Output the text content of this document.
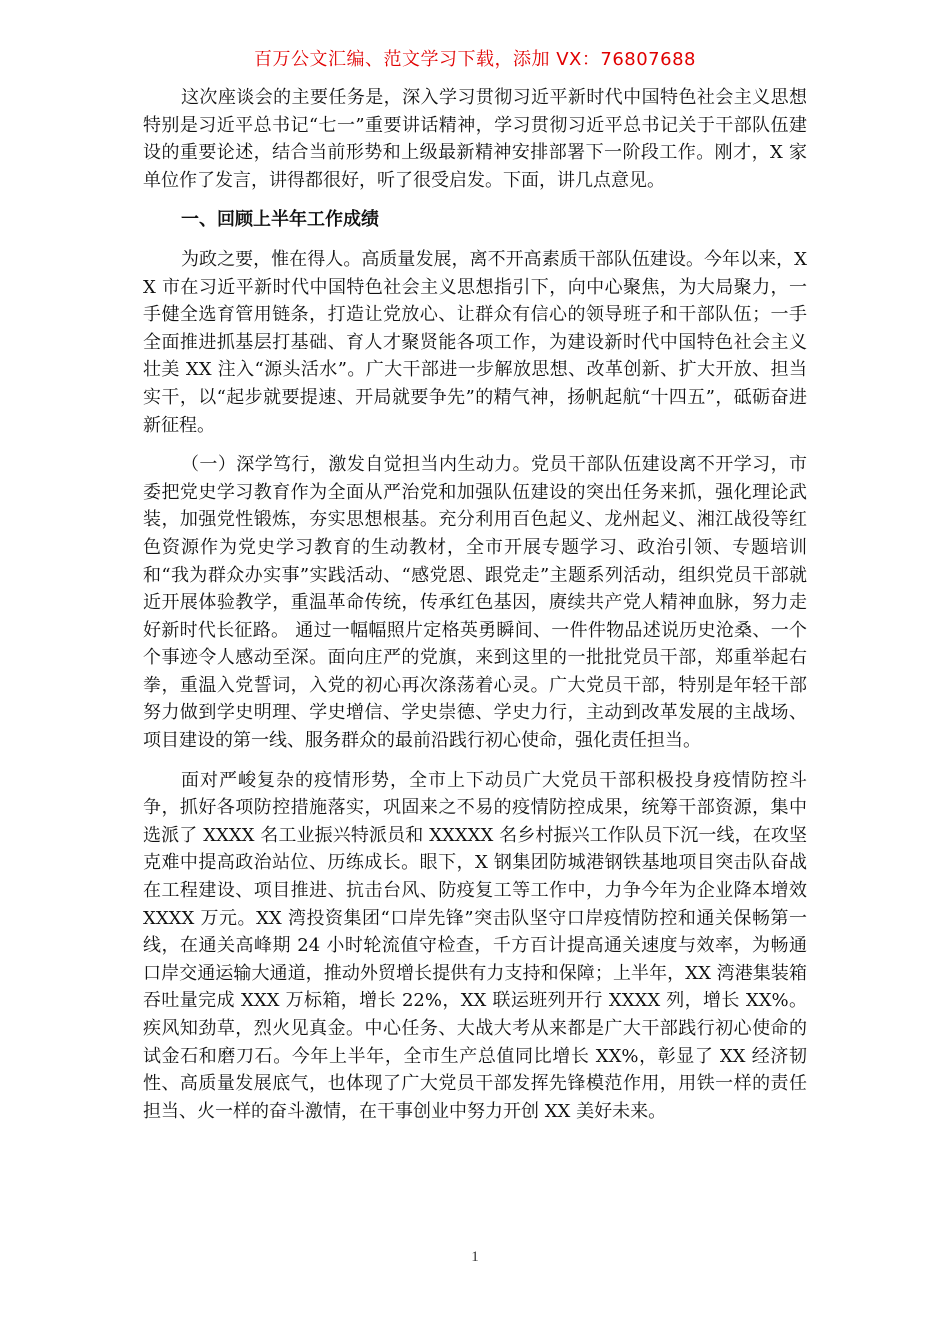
百万公文汇编、范文学习下载，添加 VX：76807688

这次座谈会的主要任务是，深入学习贯彻习近平新时代中国特色社会主义思想特别是习近平总书记“七一”重要讲话精神，学习贯彻习近平总书记关于干部队伍建设的重要论述，结合当前形势和上级最新精神安排部署下一阶段工作。刚才，X 家单位作了发言，讲得都很好，听了很受启发。下面，讲几点意见。

一、回顾上半年工作成绩

为政之要，惟在得人。高质量发展，离不开高素质干部队伍建设。今年以来，XX 市在习近平新时代中国特色社会主义思想指引下，向中心聚焦，为大局聚力，一手健全选育管用链条，打造让党放心、让群众有信心的领导班子和干部队伍；一手全面推进抓基层打基础、育人才聚贤能各项工作，为建设新时代中国特色社会主义壮美 XX 注入“源头活水”。广大干部进一步解放思想、改革创新、扩大开放、担当实干，以“起步就要提速、开局就要争先”的精气神，扬帆起航“十四五”，砥砺奋进新征程。

（一）深学笃行，激发自觉担当内生动力。党员干部队伍建设离不开学习，市委把党史学习教育作为全面从严治党和加强队伍建设的突出任务来抓，强化理论武装，加强党性锻炼，夯实思想根基。充分利用百色起义、龙州起义、湘江战役等红色资源作为党史学习教育的生动教材，全市开展专题学习、政治引领、专题培训和“我为群众办实事”实践活动、“感党恩、跟党走”主题系列活动，组织党员干部就近开展体验教学，重温革命传统，传承红色基因，赓续共产党人精神血脉，努力走好新时代长征路。 通过一幅幅照片定格英勇瞬间、一件件物品述说历史沧桑、一个个事迹令人感动至深。面向庄严的党旗，来到这里的一批批党员干部，郑重举起右拳，重温入党誓词，入党的初心再次涤荡着心灵。广大党员干部，特别是年轻干部努力做到学史明理、学史增信、学史崇德、学史力行，主动到改革发展的主战场、项目建设的第一线、服务群众的最前沿践行初心使命，强化责任担当。

面对严峻复杂的疫情形势，全市上下动员广大党员干部积极投身疫情防控斗争，抓好各项防控措施落实，巩固来之不易的疫情防控成果，统筹干部资源，集中选派了 XXXX 名工业振兴特派员和 XXXXX 名乡村振兴工作队员下沉一线，在攻坚克难中提高政治站位、历练成长。眼下，X 钢集团防城港钢铁基地项目突击队奋战在工程建设、项目推进、抗击台风、防疫复工等工作中，力争今年为企业降本增效 XXXX 万元。XX 湾投资集团“口岸先锋”突击队坚守口岸疫情防控和通关保畅第一线，在通关高峰期 24 小时轮流值守检查，千方百计提高通关速度与效率，为畅通口岸交通运输大通道，推动外贸增长提供有力支持和保障；上半年，XX 湾港集装箱吞吐量完成 XXX 万标箱，增长 22%，XX 联运班列开行 XXXX 列，增长 XX%。疾风知劲草，烈火见真金。中心任务、大战大考从来都是广大干部践行初心使命的试金石和磨刀石。今年上半年，全市生产总值同比增长 XX%，彰显了 XX 经济韧性、高质量发展底气，也体现了广大党员干部发挥先锋模范作用，用铁一样的责任担当、火一样的奋斗激情，在干事创业中努力开创 XX 美好未来。

1
